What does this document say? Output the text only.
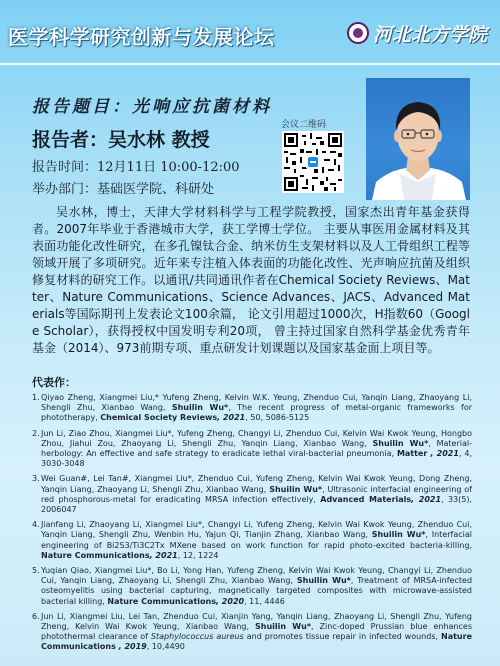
医学科学研究创新与发展论坛	河北北方学院
报告题目：光响应抗菌材料
报告者：吴水林 教授
报告时间：12月11日 10:00-12:00
举办部门：基础医学院、科研处
会议二维码
吴水林，博士，天津大学材料科学与工程学院教授，国家杰出青年基金获得者。2007年毕业于香港城市大学，获工学博士学位。 主要从事医用金属材料及其表面功能化改性研究，在多孔镍钛合金、纳米仿生支架材料以及人工骨组织工程等领域开展了多项研究。近年来专注植入体表面的功能化改性、光声响应抗菌及组织修复材料的研究工作。以通讯/共同通讯作者在Chemical Society Reviews、Matter、Nature Communications、Science Advances、JACS、Advanced Materials等国际期刊上发表论文100余篇， 论文引用超过1000次，H指数60（Google Scholar），获得授权中国发明专利20项， 曾主持过国家自然科学基金优秀青年基金（2014）、973前期专项、重点研发计划课题以及国家基金面上项目等。
代表作：
1. Qiyao Zheng, Xiangmei Liu,* Yufeng Zheng, Kelvin W.K. Yeung, Zhenduo Cui, Yanqin Liang, Zhaoyang Li, Shengli Zhu, Xianbao Wang, Shuilin Wu*, The recent progress of metal-organic frameworks for phototherapy, Chemical Society Reviews, 2021, 50, 5086-5125
2. Jun Li, Ziao Zhou, Xiangmei Liu*, Yufeng Zheng, Changyi Li, Zhenduo Cui, Kelvin Wai Kwok Yeung, Hongbo Zhou, Jiahui Zou, Zhaoyang Li, Shengli Zhu, Yanqin Liang, Xianbao Wang, Shuilin Wu*, Material-herbology: An effective and safe strategy to eradicate lethal viral-bacterial pneumonia, Matter , 2021, 4, 3030-3048
3. Wei Guan#, Lei Tan#, Xiangmei Liu*, Zhenduo Cui, Yufeng Zheng, Kelvin Wai Kwok Yeung, Dong Zheng, Yanqin Liang, Zhaoyang Li, Shengli Zhu, Xianbao Wang, Shuilin Wu*, Ultrasonic interfacial engineering of red phosphorous-metal for eradicating MRSA infection effectively, Advanced Materials, 2021, 33(5), 2006047
4. Jianfang Li, Zhaoyang Li, Xiangmei Liu*, Changyi Li, Yufeng Zheng, Kelvin Wai Kwok Yeung, Zhenduo Cui, Yanqin Liang, Shengli Zhu, Wenbin Hu, Yajun Qi, Tianjin Zhang, Xianbao Wang, Shuilin Wu*, Interfacial engineering of Bi2S3/Ti3C2Tx MXene based on work function for rapid photo-excited bacteria-killing, Nature Communications, 2021, 12, 1224
5. Yuqian Qiao, Xiangmei Liu*, Bo Li, Yong Han, Yufeng Zheng, Kelvin Wai Kwok Yeung, Changyi Li, Zhenduo Cui, Yanqin Liang, Zhaoyang Li, Shengli Zhu, Xianbao Wang, Shuilin Wu*, Treatment of MRSA-infected osteomyelitis using bacterial capturing, magnetically targeted composites with microwave-assisted bacterial killing, Nature Communications, 2020, 11, 4446
6. Jun Li, Xiangmei Liu, Lei Tan, Zhenduo Cui, Xianjin Yang, Yanqin Liang, Zhaoyang Li, Shengli Zhu, Yufeng Zheng, Kelvin Wai Kwok Yeung, Xianbao Wang, Shuilin Wu*, Zinc-doped Prussian blue enhances photothermal clearance of Staphylococcus aureus and promotes tissue repair in infected wounds, Nature Communications , 2019, 10,4490
